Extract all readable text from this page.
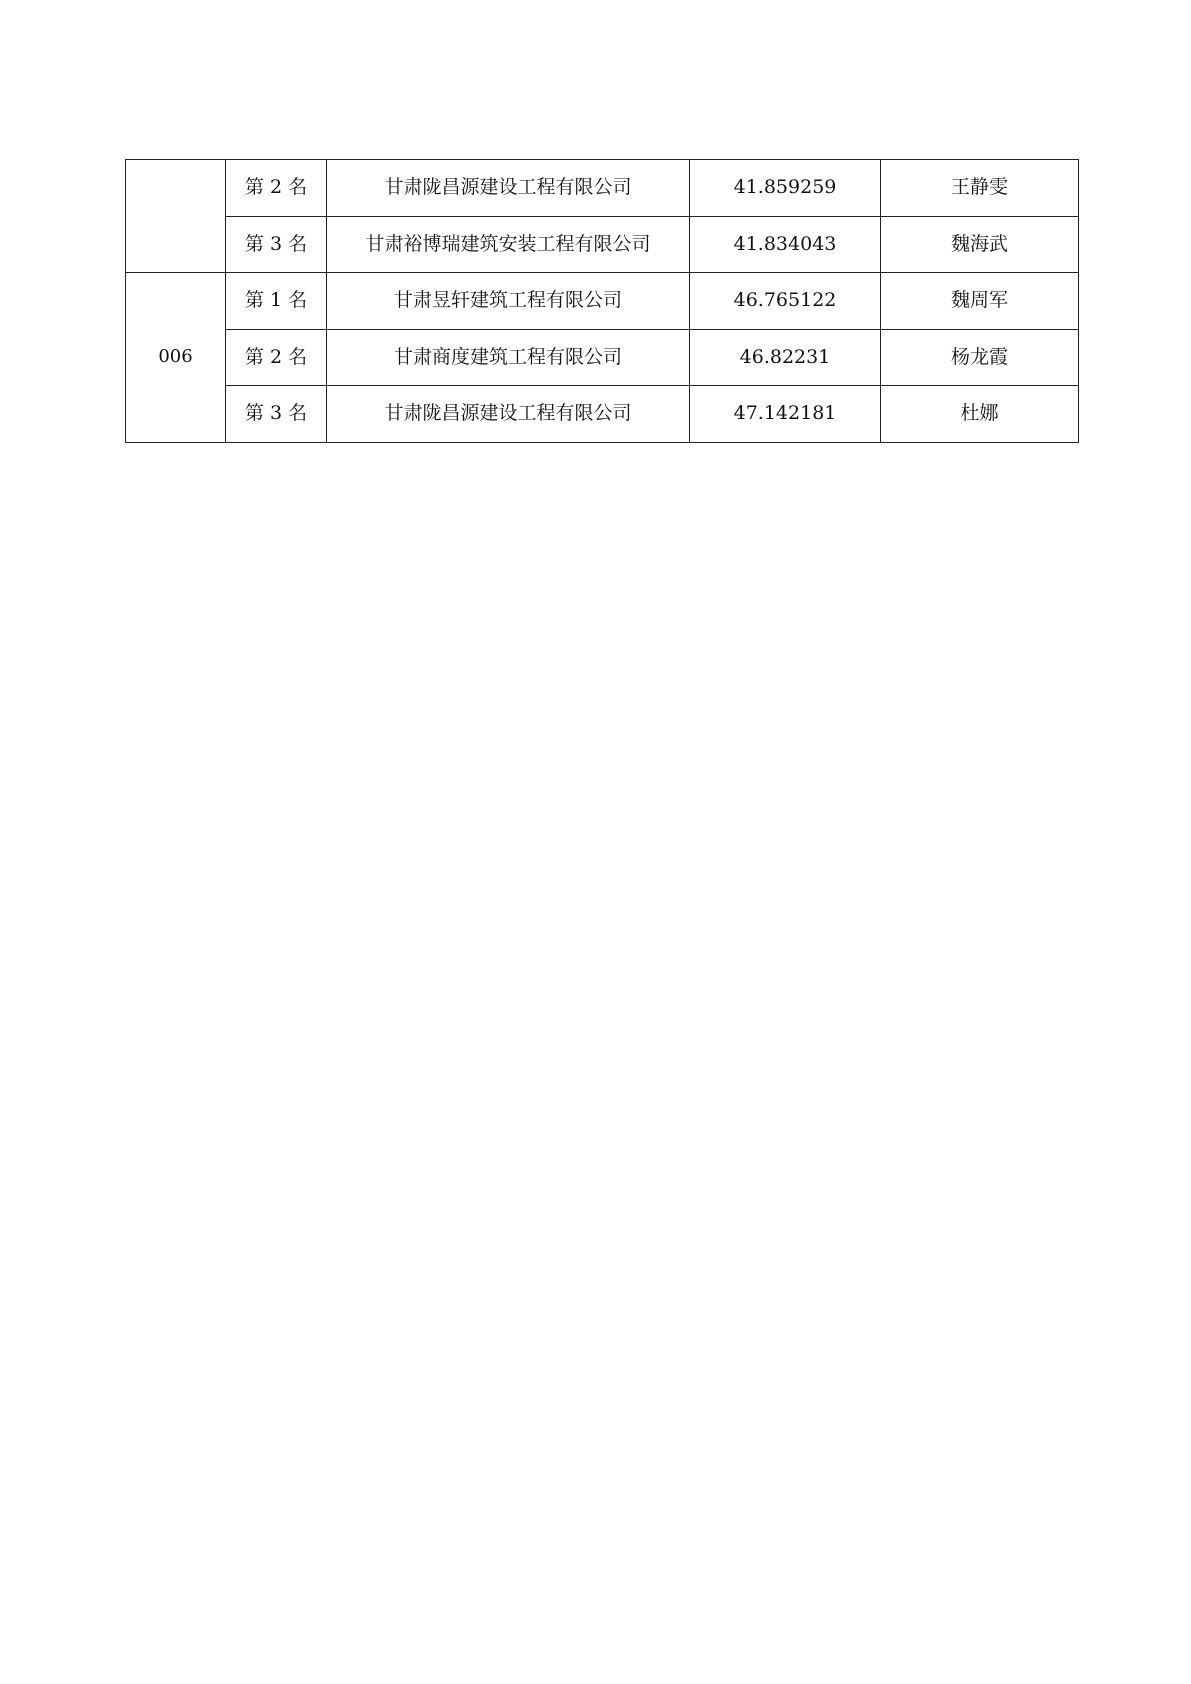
	第 2 名	甘肃陇昌源建设工程有限公司	41.859259	王静雯
	第 3 名	甘肃裕博瑞建筑安装工程有限公司	41.834043	魏海武
006	第 1 名	甘肃昱轩建筑工程有限公司	46.765122	魏周军
	第 2 名	甘肃商度建筑工程有限公司	46.82231	杨龙霞
	第 3 名	甘肃陇昌源建设工程有限公司	47.142181	杜娜
